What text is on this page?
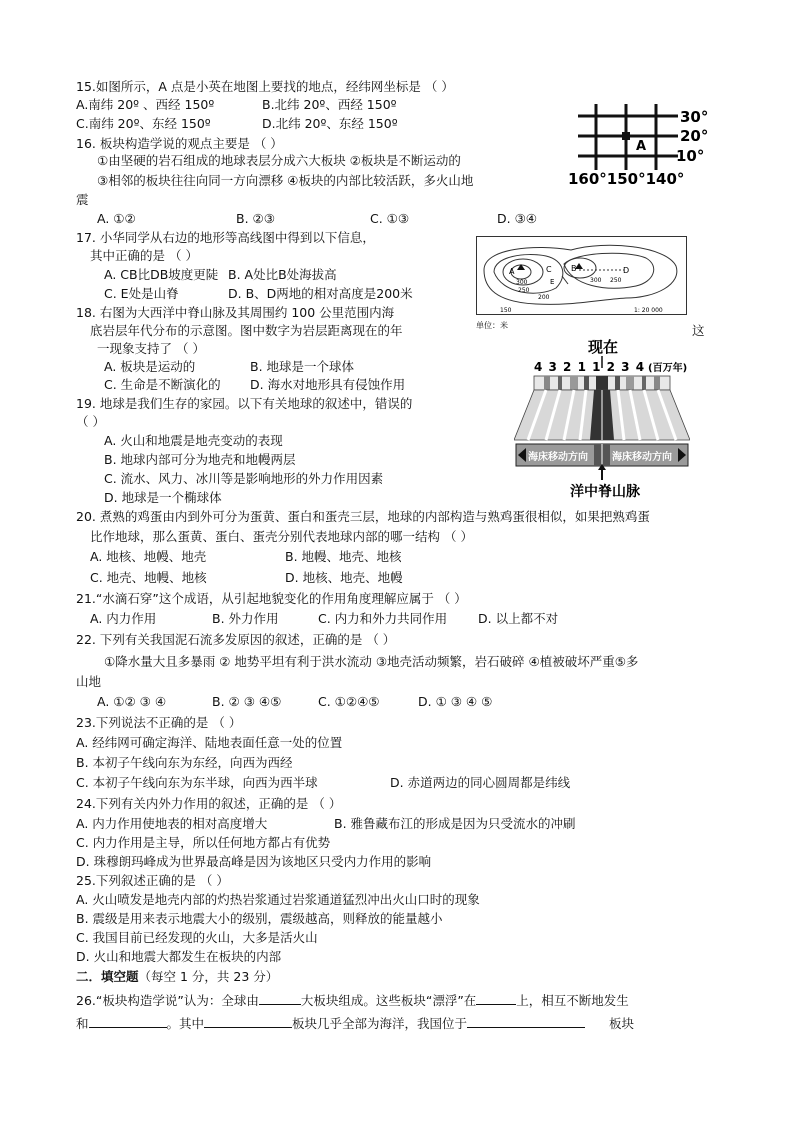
15.如图所示，A 点是小英在地图上要找的地点，经纬网坐标是 （ ）
A.南纬 20º 、西经 150º	B.北纬 20º、西经 150º
C.南纬 20º、东经 150º	D.北纬 20º、东经 150º
A
30°
20°
10°
160°150°140°
16. 板块构造学说的观点主要是 （ ）
①由坚硬的岩石组成的地球表层分成六大板块 ②板块是不断运动的
③相邻的板块往往向同一方向漂移 ④板块的内部比较活跃，多火山地
震
A. ①②	B. ②③	C. ①③	D. ③④
17. 小华同学从右边的地形等高线图中得到以下信息，
其中正确的是 （ ）
A. CB比DB坡度更陡 B. A处比B处海拔高
C. E处是山脊	D. B、D两地的相对高度是200米
A	B
C	D
E
300
250
200
150
300 250
1: 20 000
单位：米
18. 右图为大西洋中脊山脉及其周围约 100 公里范围内海
底岩层年代分布的示意图。图中数字为岩层距离现在的年	这
一现象支持了 （ ）
A. 板块是运动的	B. 地球是一个球体
C. 生命是不断演化的 D. 海水对地形具有侵蚀作用
现在
4 3 2 1 1 2 3 4 (百万年)
海床移动方向 海床移动方向
洋中脊山脉
19. 地球是我们生存的家园。以下有关地球的叙述中，错误的
（ ）
A. 火山和地震是地壳变动的表现
B. 地球内部可分为地壳和地幔两层
C. 流水、风力、冰川等是影响地形的外力作用因素
D. 地球是一个椭球体
20. 煮熟的鸡蛋由内到外可分为蛋黄、蛋白和蛋壳三层，地球的内部构造与熟鸡蛋很相似，如果把熟鸡蛋
比作地球，那么蛋黄、蛋白、蛋壳分别代表地球内部的哪一结构 （ ）
A. 地核、地幔、地壳	B. 地幔、地壳、地核
C. 地壳、地幔、地核	D. 地核、地壳、地幔
21.“水滴石穿”这个成语，从引起地貌变化的作用角度理解应属于 （ ）
A. 内力作用	B. 外力作用	C. 内力和外力共同作用 D. 以上都不对
22. 下列有关我国泥石流多发原因的叙述，正确的是 （ ）
①降水量大且多暴雨 ② 地势平坦有利于洪水流动 ③地壳活动频繁，岩石破碎 ④植被破坏严重⑤多
山地
A. ①② ③ ④	B. ② ③ ④⑤	C. ①②④⑤	D. ① ③ ④ ⑤
23.下列说法不正确的是 （ ）
A. 经纬网可确定海洋、陆地表面任意一处的位置
B. 本初子午线向东为东经，向西为西经
C. 本初子午线向东为东半球，向西为西半球	D. 赤道两边的同心圆周都是纬线
24.下列有关内外力作用的叙述，正确的是 （ ）
A. 内力作用使地表的相对高度增大	B. 雅鲁藏布江的形成是因为只受流水的冲刷
C. 内力作用是主导，所以任何地方都占有优势
D. 珠穆朗玛峰成为世界最高峰是因为该地区只受内力作用的影响
25.下列叙述正确的是 （ ）
A. 火山喷发是地壳内部的灼热岩浆通过岩浆通道猛烈冲出火山口时的现象
B. 震级是用来表示地震大小的级别，震级越高，则释放的能量越小
C. 我国目前已经发现的火山，大多是活火山
D. 火山和地震大都发生在板块的内部
二．填空题（每空 1 分，共 23 分）
26.“板块构造学说”认为：全球由	大板块组成。这些板块“漂浮”在	上，相互不断地发生
和	。其中	板块几乎全部为海洋，我国位于	板块
